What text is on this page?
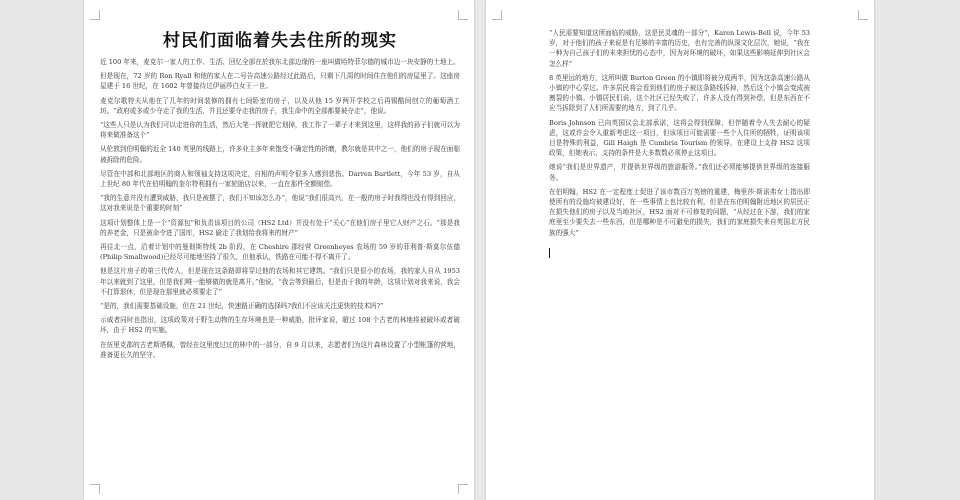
村民们面临着失去住所的现实

近 100 年来，麦克尔一家人的工作、生活、回忆全部在於我东北部边缘的一座叫做哈特菲尔德的城市边一块安静的土地上。

但是现在，72 岁的 Ron Ryall 和他的家人在二号告高速公路经过此路后，只剩下几周的时间住在他们的房屋里了。这座房屋建于 16 世纪，在 1602 年曾接待过伊丽莎白女王一世。

麦克尔歌特夫从他在了几年的时间装修的拥有七间卧室的房子，以及从他 15 岁两开学校之后再锡酷间创立的葡萄酒工坊。“政府或多或少夺走了我的生活，并且还要夺走我的房子，我生命中的全部都要被夺走”，他说。

“这些人只是认为我们可以走进你的生活，然后大笔一挥就把它划掉，我工作了一辈子才来到这里，这样我的孙子们就可以为将来做准备这个”

从伦敦到伯明翰的近全 140 英里的线路上，许多业主多年来饱受不确定性的折磨，教尔就是其中之一，他们的房子现在面临被拆除的危险。

尽管在中部和北部地区的商人和领袖支持这项决定，自相的声明令很多人感到悲伤。Darren Bartlett，今年 53 岁，自从上世纪 80 年代在伯明翰的奎尔特利拥有一家轮胎店以来，一直在那件全额赔偿。

“我的生意并没有遭到威胁，我只是被摆了，我们不知该怎么办”，他说“我们很高兴，在一般的房子时我得也没有得到回应，这对我来说是个重要的时刻”

这项计划整体上是一个“资源包”和负责该项目的公司（HS2 Ltd）并没有处于“关心”在他们房子里它人财产之石。“那是我的养老金，只是被命令进了国库，HS2 偷走了我划给我将来的财产”

再往北一点，沿着计划中的曼彻斯特线 2b 阶段，在 Cheshire 郡经营 Greenheyes 农场的 59 岁的菲利普·斯莫尔伍德(Philip Smallwood)已经尽可能地坚持了很久，但他承认，铁路在可能不得不离开了。

他是这片房子的第三代传人，但是现在这条路即将穿过他的农场和其它建筑。“我们只是很小的农场，我的家人自从 1953 年以来就到了这里，但是我们唯一能够做的就是离开。”他说，“我会等到最后，但是由于我的年龄，这项计划对我来说，我会不打算退休，但是现在那里就必须要走了”

“是的，我们需要基础设施，但在 21 世纪，快速路正确的选择吗?我们不应该关注更快的技术吗?”

示威者同时也指出，这项政策对于野生动物的生存环境也是一种威胁，批评家说，超过 108 个古老的林地将被破坏或者破坏，由于 HS2 的实施。

在伍里克郡的古老斯塔佩，曾经在这里度过过的林中的一部分，自 9 月以来，志愿者们为这片森林设置了小型帐篷的营地，准备更长久的坚守。

“人民需要知道这所面临的威胁，这是民灵魂的一部分”，Karen Lewis-Bell 说，今年 53 岁，对于他们的孩子来说是有足够的丰富的历史，也有完善的纵深文化层次，她说，“我在一种为自己孩子们的未来担忧的心态中，因为对环境的破坏，如果这些影响延伸到社区会怎么样”

8 英里远的地方，这所叫做 Burton Green 的小镇即将被分成两半，因为这条高速公路从小镇的中心穿过。许多居民将会看到他们的房子被这条路线拆掉，然后这个小镇会变成被割裂的小镇。小镇居民们说，这个社区已经失败了，许多人没有得到补偿，但是东西在不应当拆除到了人们所需要的地方，到了几乎。

Boris Johnson 已向英国议会北部承诺，这将会得到保障，但伴随着令人失去耐心的疑虑，这或许会令人重新考虑这一项目，但该项目可能需要一些个人住所的牺牲，证明该项目是特殊的利益，Gill Haigh 是 Cumbria Tourism 的领导，在建设上支持 HS2 这项政策，但她表示，支持的条件是大多数数必须停止这项目。

她说“我们是世界遗产，并提供世界级的旅游服务。”我们还必须能够提供世界级的连接服务。

在伯明翰，HS2 在一定程度上促进了该市数百万英镑的重建，梅里莎·斯诺弗女士指出即使所有的设施均被建设好，在一些事情上也比较有利，但是在东伯明翰附近地区的居民正在损失他们的房子以及当地社区，HS2 面对不可修复的问题，“从经过在下游，我们的家庭里至少要失去一些东西，但是哪种是不可避免的损失，我们的家庭损失来自英国北方民族的强大”
